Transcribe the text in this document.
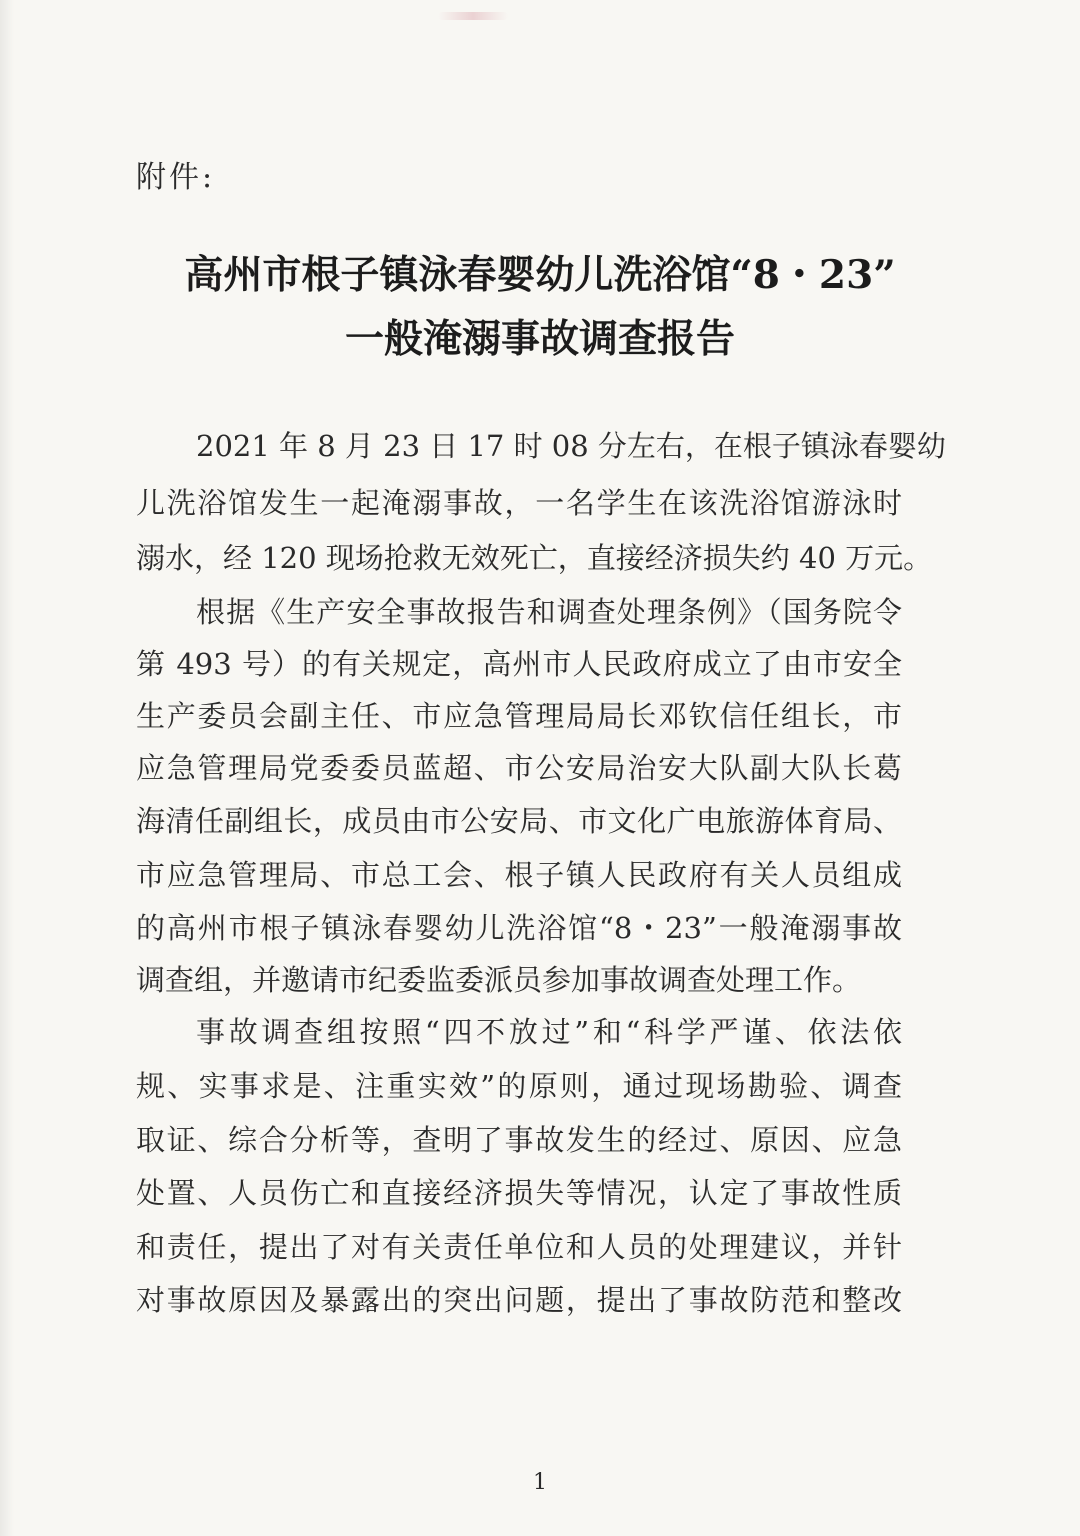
附件:
高州市根子镇泳春婴幼儿洗浴馆“8・23”
一般淹溺事故调查报告
2021 年 8 月 23 日 17 时 08 分左右，在根子镇泳春婴幼
儿洗浴馆发生一起淹溺事故，一名学生在该洗浴馆游泳时
溺水，经 120 现场抢救无效死亡，直接经济损失约 40 万元。
根据《生产安全事故报告和调查处理条例》（国务院令
第 493 号）的有关规定，高州市人民政府成立了由市安全
生产委员会副主任、市应急管理局局长邓钦信任组长，市
应急管理局党委委员蓝超、市公安局治安大队副大队长葛
海清任副组长，成员由市公安局、市文化广电旅游体育局、
市应急管理局、市总工会、根子镇人民政府有关人员组成
的高州市根子镇泳春婴幼儿洗浴馆“8・23”一般淹溺事故
调查组，并邀请市纪委监委派员参加事故调查处理工作。
事故调查组按照“四不放过”和“科学严谨、依法依
规、实事求是、注重实效”的原则，通过现场勘验、调查
取证、综合分析等，查明了事故发生的经过、原因、应急
处置、人员伤亡和直接经济损失等情况，认定了事故性质
和责任，提出了对有关责任单位和人员的处理建议，并针
对事故原因及暴露出的突出问题，提出了事故防范和整改
1
